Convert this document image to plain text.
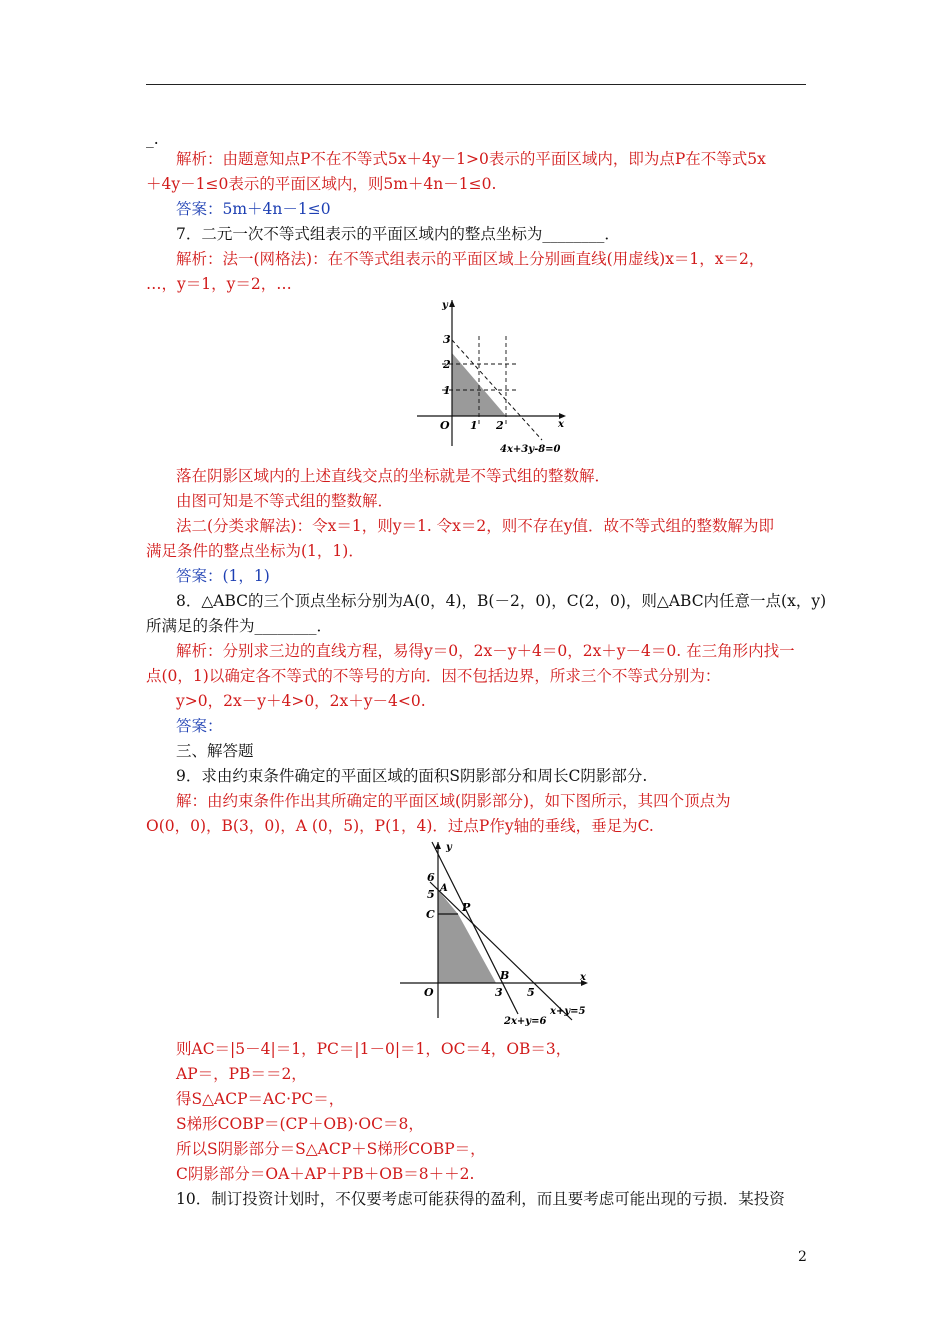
_.
解析：由题意知点P不在不等式5x＋4y－1>0表示的平面区域内，即为点P在不等式5x
＋4y－1≤0表示的平面区域内，则5m＋4n－1≤0.
答案：5m＋4n－1≤0
7．二元一次不等式组表示的平面区域内的整点坐标为________．
解析：法一(网格法)：在不等式组表示的平面区域上分别画直线(用虚线)x＝1，x＝2，
…，y＝1，y＝2，…
落在阴影区域内的上述直线交点的坐标就是不等式组的整数解．
由图可知是不等式组的整数解．
法二(分类求解法)：令x＝1，则y＝1. 令x＝2，则不存在y值．故不等式组的整数解为即
满足条件的整点坐标为(1，1)．
答案：(1，1)
8．△ABC的三个顶点坐标分别为A(0，4)，B(－2，0)，C(2，0)，则△ABC内任意一点(x，y)
所满足的条件为________．
解析：分别求三边的直线方程，易得y＝0，2x－y＋4＝0，2x＋y－4＝0. 在三角形内找一
点(0，1)以确定各不等式的不等号的方向．因不包括边界，所求三个不等式分别为：
y>0，2x－y＋4>0，2x＋y－4<0.
答案：
三、解答题
9．求由约束条件确定的平面区域的面积S阴影部分和周长C阴影部分.
解：由约束条件作出其所确定的平面区域(阴影部分)，如下图所示，其四个顶点为
O(0，0)，B(3，0)，A (0，5)，P(1，4)．过点P作y轴的垂线，垂足为C.
则AC＝|5－4|＝1，PC＝|1－0|＝1，OC＝4，OB＝3，
AP＝，PB＝＝2，
得S△ACP＝AC·PC＝，
S梯形COBP＝(CP＋OB)·OC＝8，
所以S阴影部分＝S△ACP＋S梯形COBP＝，
C阴影部分＝OA＋AP＋PB＋OB＝8＋＋2.
10．制订投资计划时，不仅要考虑可能获得的盈利，而且要考虑可能出现的亏损．某投资
y
x
O
3
2
1
1 2
4x+3y-8=0
y
x
O
6
5 A
C
P
B
3 5
2x+y=6
x+y=5
2
